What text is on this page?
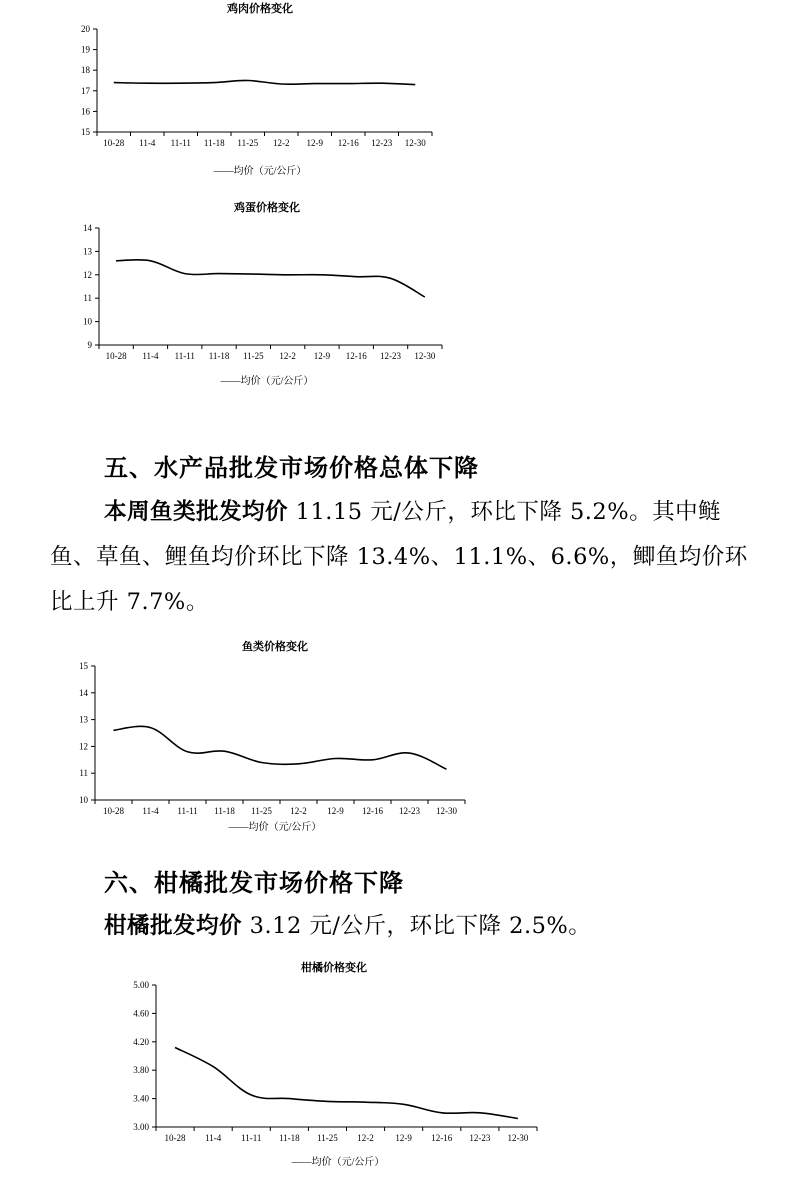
鸡肉价格变化
15
16
17
18
19
20
10-28 11-4 11-11 11-18 11-25 12-2 12-9 12-16 12-23 12-30
——均价（元/公斤）
鸡蛋价格变化
9
10
11
12
13
14
10-28 11-4 11-11 11-18 11-25 12-2 12-9 12-16 12-23 12-30
——均价（元/公斤）
五、水产品批发市场价格总体下降

本周鱼类批发均价 11.15 元/公斤，环比下降 5.2%。其中鲢鱼、草鱼、鲤鱼均价环比下降 13.4%、11.1%、6.6%，鲫鱼均价环比上升 7.7%。

鱼类价格变化
10
11
12
13
14
15
10-28 11-4 11-11 11-18 11-25 12-2 12-9 12-16 12-23 12-30
——均价（元/公斤）
六、柑橘批发市场价格下降

柑橘批发均价 3.12 元/公斤，环比下降 2.5%。

柑橘价格变化
3.00
3.40
3.80
4.20
4.60
5.00
10-28 11-4 11-11 11-18 11-25 12-2 12-9 12-16 12-23 12-30
——均价（元/公斤）
